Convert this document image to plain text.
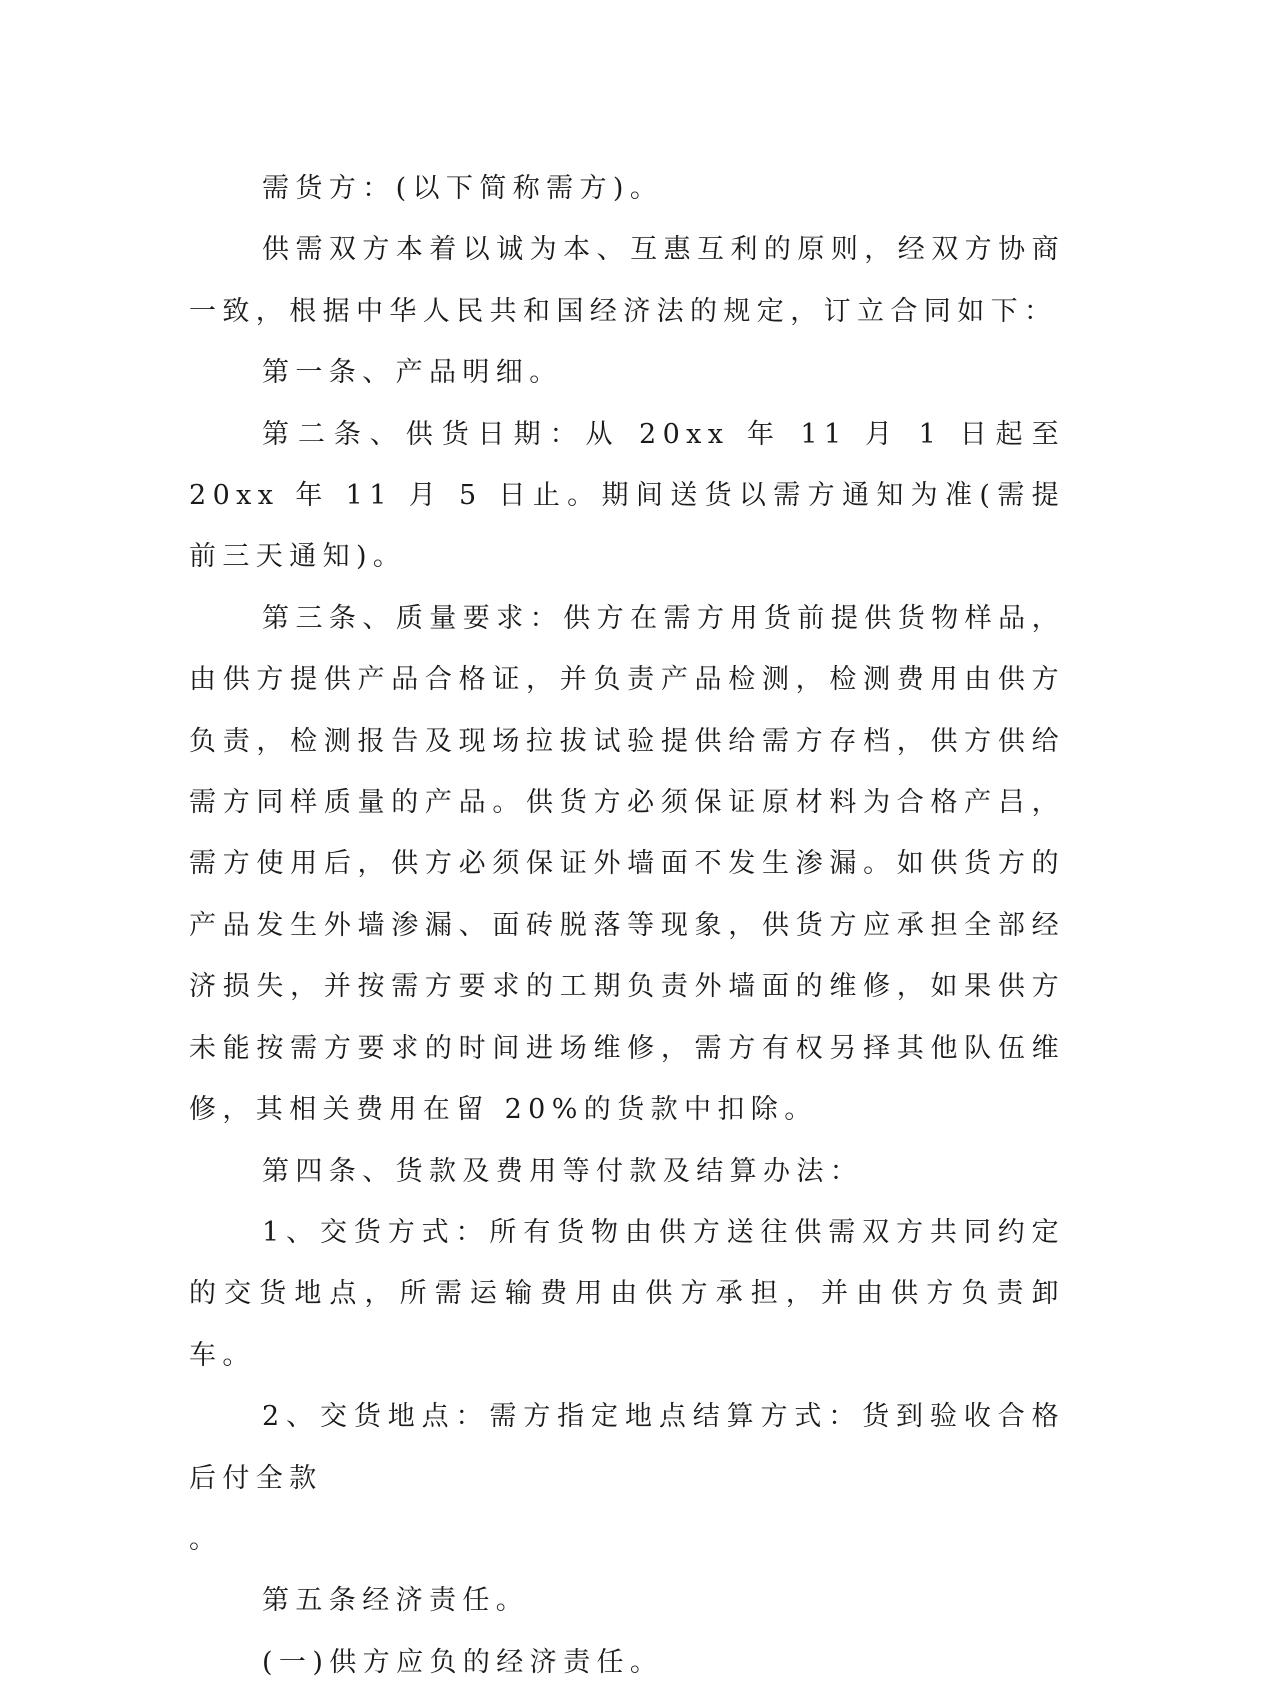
需货方：(以下简称需方)。

供需双方本着以诚为本、互惠互利的原则，经双方协商一致，根据中华人民共和国经济法的规定，订立合同如下：

第一条、产品明细。

第二条、供货日期：从 20xx 年 11 月 1 日起至 20xx 年 11 月 5 日止。期间送货以需方通知为准(需提前三天通知)。

第三条、质量要求：供方在需方用货前提供货物样品，由供方提供产品合格证，并负责产品检测，检测费用由供方负责，检测报告及现场拉拔试验提供给需方存档，供方供给需方同样质量的产品。供货方必须保证原材料为合格产吕，需方使用后，供方必须保证外墙面不发生渗漏。如供货方的产品发生外墙渗漏、面砖脱落等现象，供货方应承担全部经济损失，并按需方要求的工期负责外墙面的维修，如果供方未能按需方要求的时间进场维修，需方有权另择其他队伍维修，其相关费用在留 20%的货款中扣除。

第四条、货款及费用等付款及结算办法：

1、交货方式：所有货物由供方送往供需双方共同约定的交货地点，所需运输费用由供方承担，并由供方负责卸车。

2、交货地点：需方指定地点结算方式：货到验收合格后付全款

。

第五条经济责任。

(一)供方应负的经济责任。
